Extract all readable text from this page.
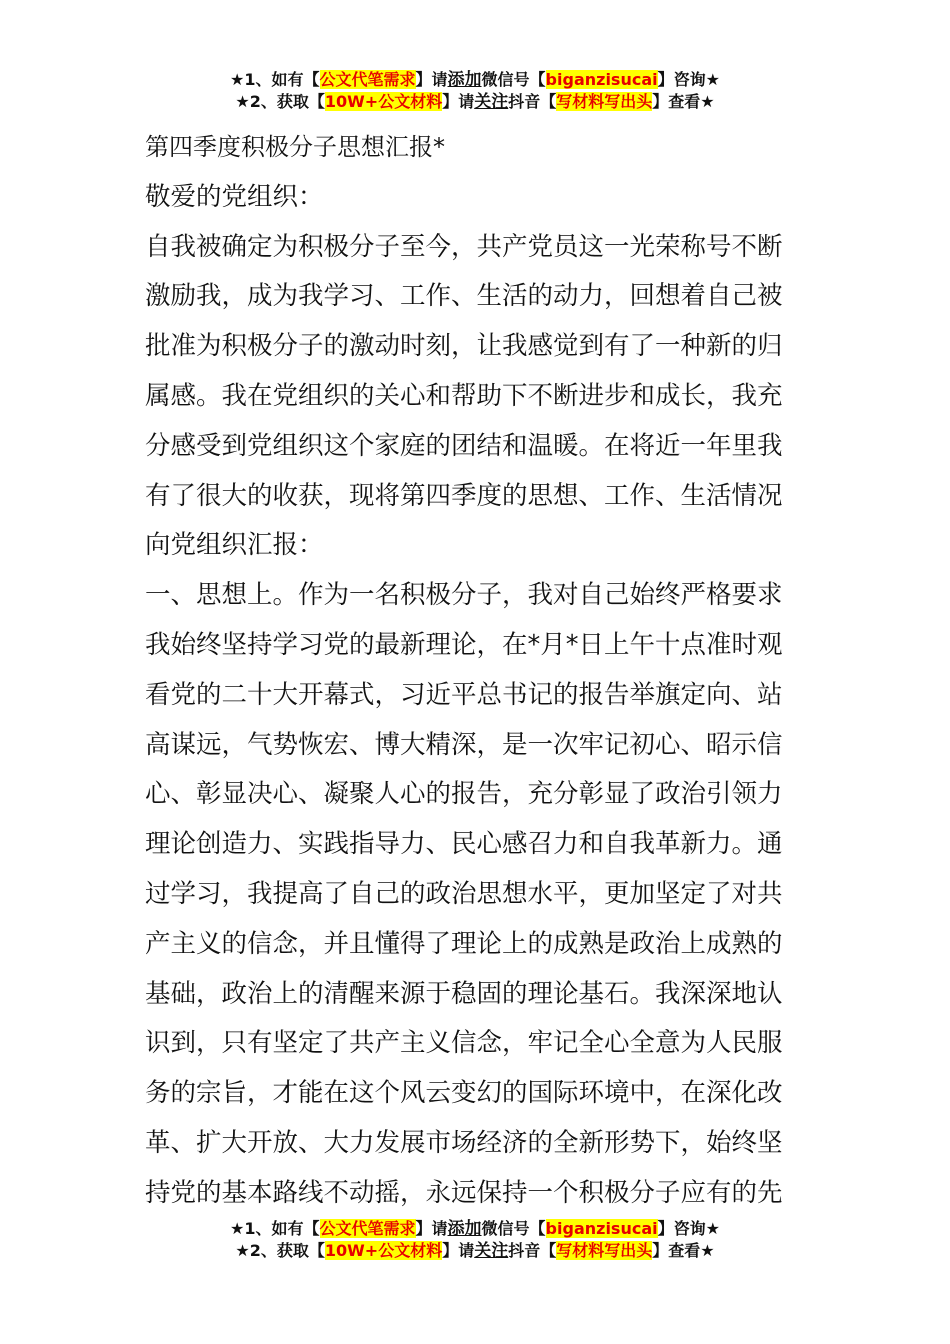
★1、如有【公文代笔需求】请添加微信号【biganzisucai】咨询★
★2、获取【10W+公文材料】请关注抖音【写材料写出头】查看★
第四季度积极分子思想汇报*
敬爱的党组织：
自我被确定为积极分子至今，共产党员这一光荣称号不断
激励我，成为我学习、工作、生活的动力，回想着自己被
批准为积极分子的激动时刻，让我感觉到有了一种新的归
属感。我在党组织的关心和帮助下不断进步和成长，我充
分感受到党组织这个家庭的团结和温暖。在将近一年里我
有了很大的收获，现将第四季度的思想、工作、生活情况
向党组织汇报：
一、思想上。作为一名积极分子，我对自己始终严格要求
我始终坚持学习党的最新理论，在*月*日上午十点准时观
看党的二十大开幕式，习近平总书记的报告举旗定向、站
高谋远，气势恢宏、博大精深，是一次牢记初心、昭示信
心、彰显决心、凝聚人心的报告，充分彰显了政治引领力
理论创造力、实践指导力、民心感召力和自我革新力。通
过学习，我提高了自己的政治思想水平，更加坚定了对共
产主义的信念，并且懂得了理论上的成熟是政治上成熟的
基础，政治上的清醒来源于稳固的理论基石。我深深地认
识到，只有坚定了共产主义信念，牢记全心全意为人民服
务的宗旨，才能在这个风云变幻的国际环境中，在深化改
革、扩大开放、大力发展市场经济的全新形势下，始终坚
持党的基本路线不动摇，永远保持一个积极分子应有的先
★1、如有【公文代笔需求】请添加微信号【biganzisucai】咨询★
★2、获取【10W+公文材料】请关注抖音【写材料写出头】查看★
